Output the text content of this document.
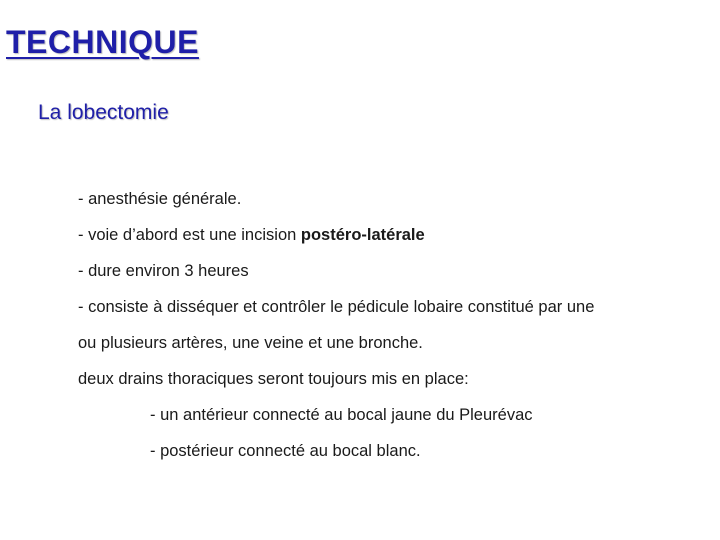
TECHNIQUE
La lobectomie
- anesthésie générale.
- voie d’abord est une incision postéro-latérale
- dure environ 3 heures
- consiste à disséquer et contrôler le pédicule lobaire constitué par une
ou plusieurs artères, une veine et une bronche.
deux drains thoraciques seront toujours mis en place:
- un antérieur connecté au bocal jaune du Pleurévac
- postérieur connecté au bocal blanc.
